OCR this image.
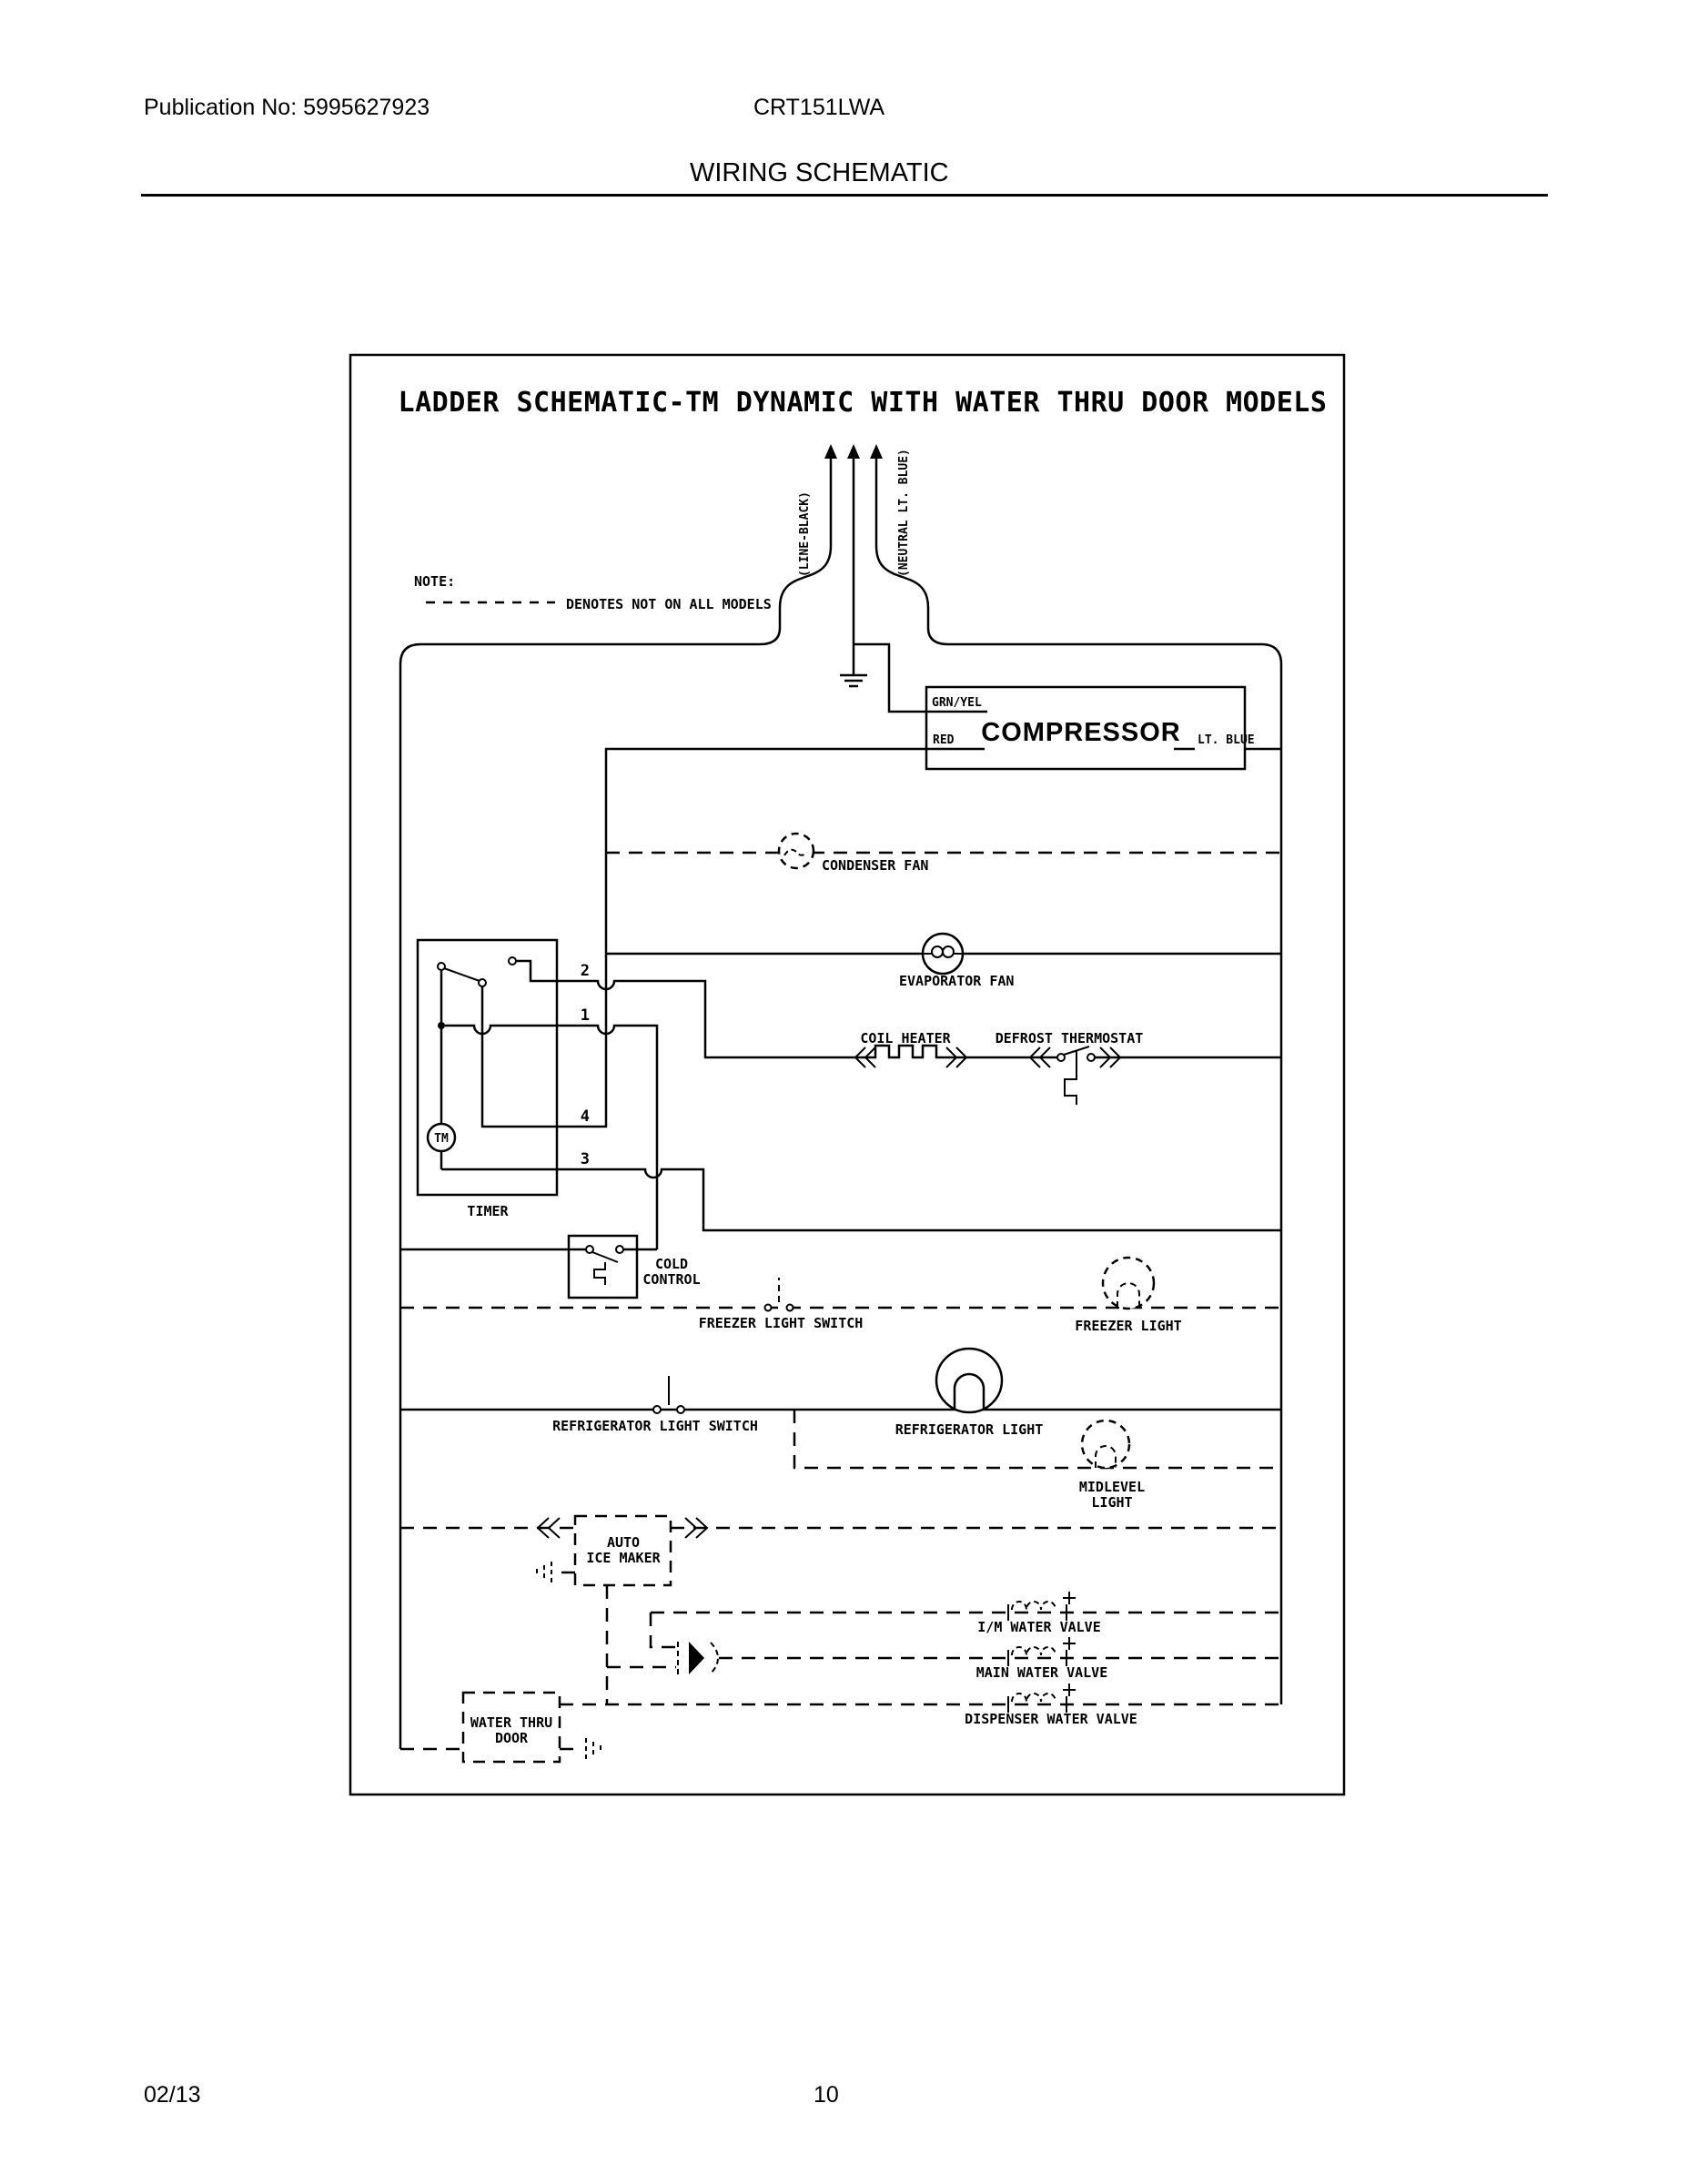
Publication No: 5995627923	CRT151LWA
WIRING SCHEMATIC
LADDER SCHEMATIC-TM DYNAMIC WITH WATER THRU DOOR MODELS
NOTE:
DENOTES NOT ON ALL MODELS
(LINE-BLACK)	(NEUTRAL LT. BLUE)
GRN/YEL
RED	LT. BLUE
COMPRESSOR
CONDENSER FAN
EVAPORATOR FAN
COIL HEATER	DEFROST THERMOSTAT
2
1
4
3
TM
TIMER
COLD
CONTROL
FREEZER LIGHT SWITCH	FREEZER LIGHT
REFRIGERATOR LIGHT SWITCH	REFRIGERATOR LIGHT
MIDLEVEL
LIGHT
AUTO
ICE MAKER
I/M WATER VALVE
MAIN WATER VALVE
DISPENSER WATER VALVE
WATER THRU
DOOR
02/13	10
